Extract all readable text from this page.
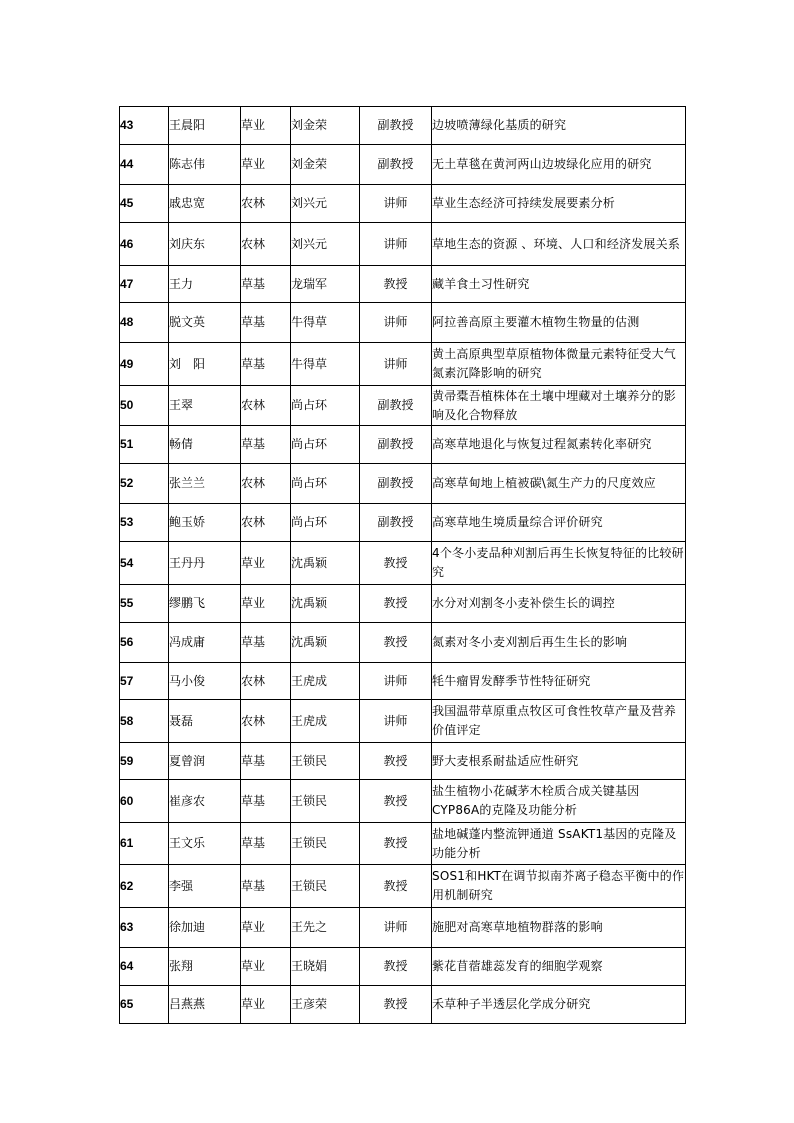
43	王晨阳	草业	刘金荣	副教授	边坡喷薄绿化基质的研究
44	陈志伟	草业	刘金荣	副教授	无土草毯在黄河两山边坡绿化应用的研究
45	戚忠宽	农林	刘兴元	讲师	草业生态经济可持续发展要素分析
46	刘庆东	农林	刘兴元	讲师	草地生态的资源 、环境、人口和经济发展关系
47	王力	草基	龙瑞军	教授	藏羊食土习性研究
48	脱文英	草基	牛得草	讲师	阿拉善高原主要灌木植物生物量的估测
49	刘　阳	草基	牛得草	讲师	黄土高原典型草原植物体微量元素特征受大气氮素沉降影响的研究
50	王翠	农林	尚占环	副教授	黄帚橐吾植株体在土壤中埋藏对土壤养分的影响及化合物释放
51	畅倩	草基	尚占环	副教授	高寒草地退化与恢复过程氮素转化率研究
52	张兰兰	农林	尚占环	副教授	高寒草甸地上植被碳\氮生产力的尺度效应
53	鲍玉娇	农林	尚占环	副教授	高寒草地生境质量综合评价研究
54	王丹丹	草业	沈禹颖	教授	4个冬小麦品种刈割后再生长恢复特征的比较研究
55	缪鹏飞	草业	沈禹颖	教授	水分对刈割冬小麦补偿生长的调控
56	冯成庸	草基	沈禹颖	教授	氮素对冬小麦刈割后再生生长的影响
57	马小俊	农林	王虎成	讲师	牦牛瘤胃发酵季节性特征研究
58	聂磊	农林	王虎成	讲师	我国温带草原重点牧区可食性牧草产量及营养价值评定
59	夏曾润	草基	王锁民	教授	野大麦根系耐盐适应性研究
60	崔彦农	草基	王锁民	教授	盐生植物小花碱茅木栓质合成关键基因CYP86A的克隆及功能分析
61	王文乐	草基	王锁民	教授	盐地碱蓬内整流钾通道 SsAKT1基因的克隆及功能分析
62	李强	草基	王锁民	教授	SOS1和HKT在调节拟南芥离子稳态平衡中的作用机制研究
63	徐加迪	草业	王先之	讲师	施肥对高寒草地植物群落的影响
64	张翔	草业	王晓娟	教授	紫花苜蓿雄蕊发育的细胞学观察
65	吕燕燕	草业	王彦荣	教授	禾草种子半透层化学成分研究
